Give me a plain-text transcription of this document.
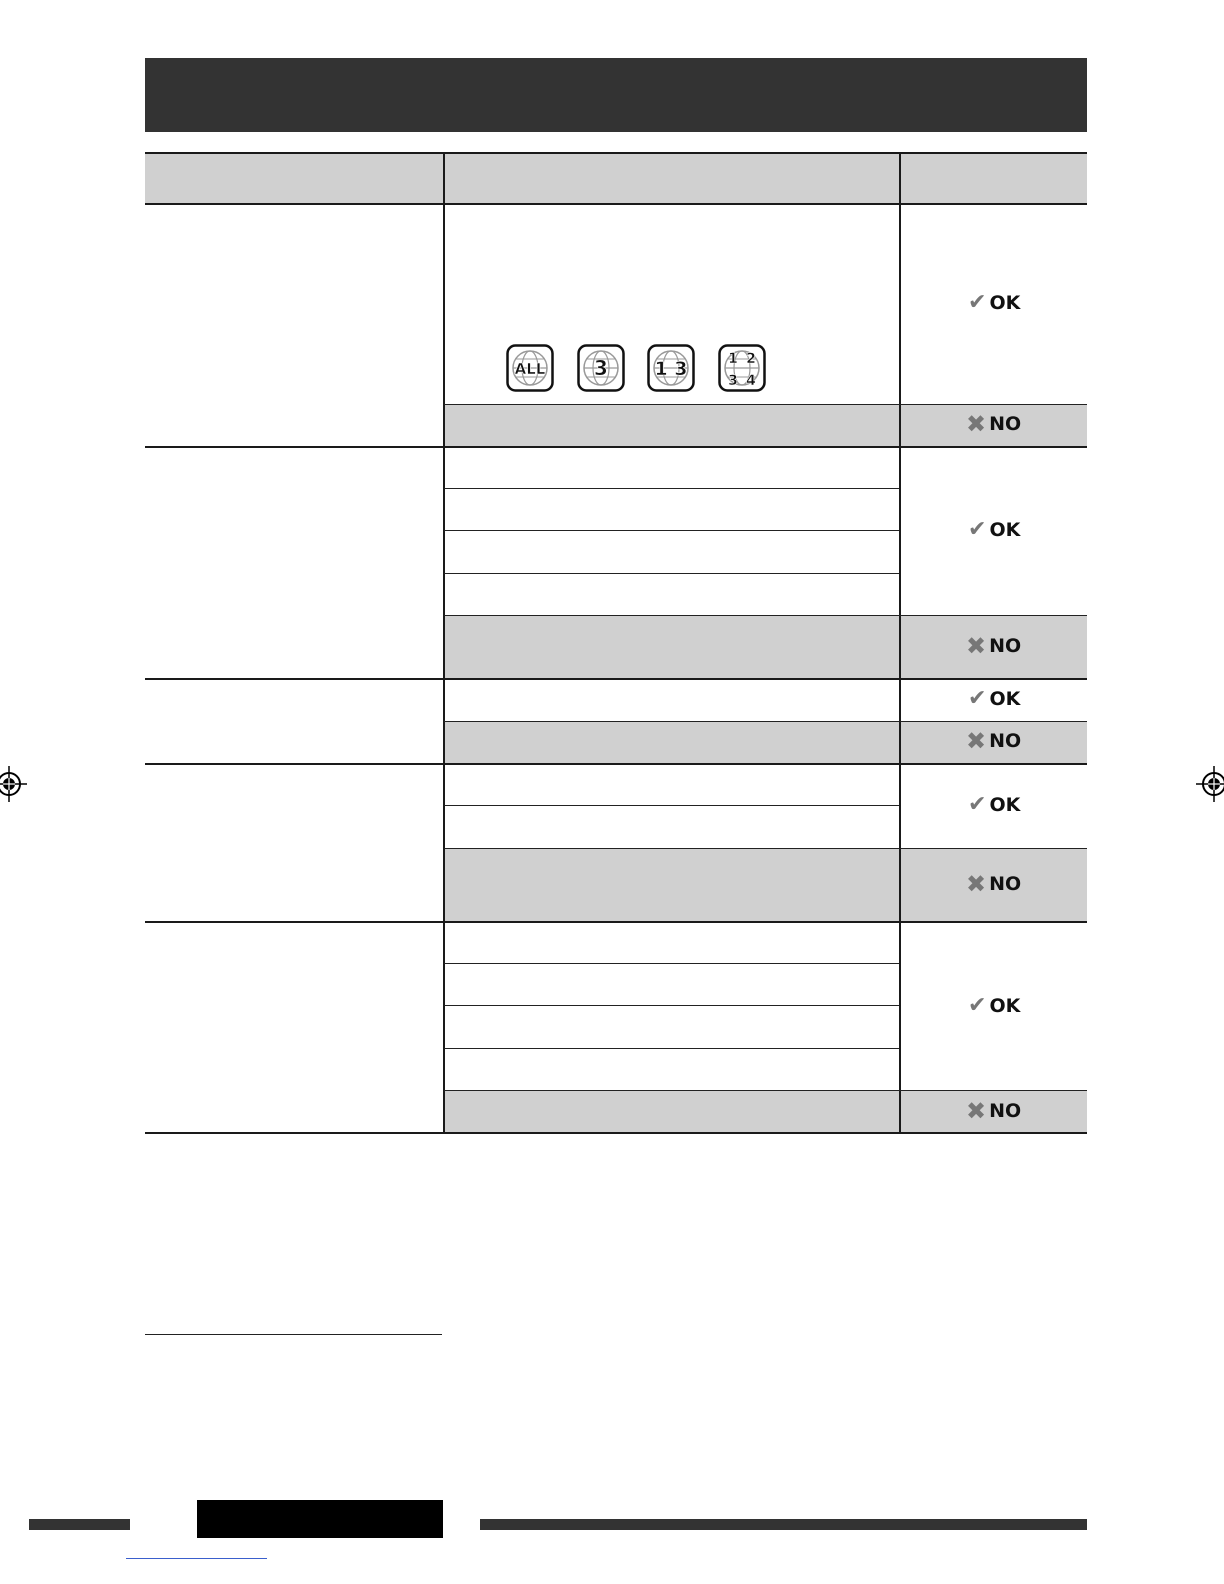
ALL 3 1 3	1 2
3 4
✔ OK
✖ NO
✔ OK
✖ NO
✔ OK
✖ NO
✔ OK
✖ NO
✔ OK
✖ NO
